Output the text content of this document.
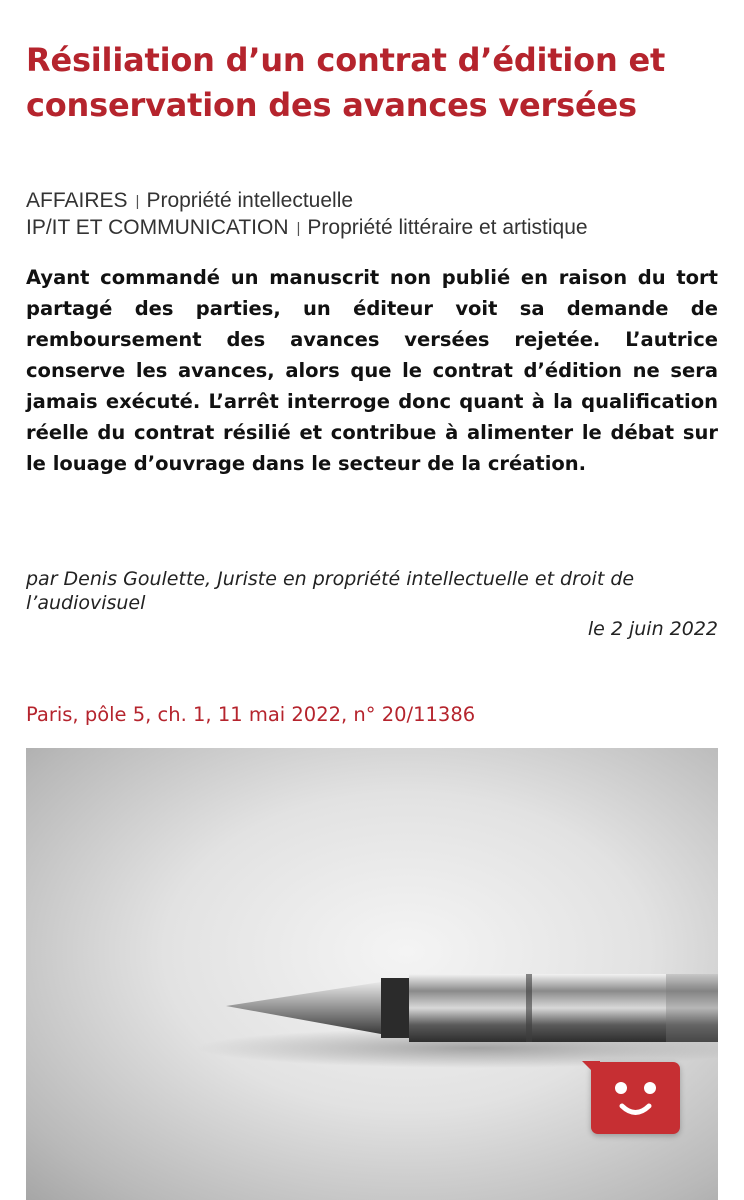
Résiliation d’un contrat d’édition et conservation des avances versées
AFFAIRES | Propriété intellectuelle
IP/IT ET COMMUNICATION | Propriété littéraire et artistique

Ayant commandé un manuscrit non publié en raison du tort partagé des parties, un éditeur voit sa demande de remboursement des avances versées rejetée. L’autrice conserve les avances, alors que le contrat d’édition ne sera jamais exécuté. L’arrêt interroge donc quant à la qualification réelle du contrat résilié et contribue à alimenter le débat sur le louage d’ouvrage dans le secteur de la création.

par Denis Goulette, Juriste en propriété intellectuelle et droit de l’audiovisuel
le 2 juin 2022
Paris, pôle 5, ch. 1, 11 mai 2022, n° 20/11386
